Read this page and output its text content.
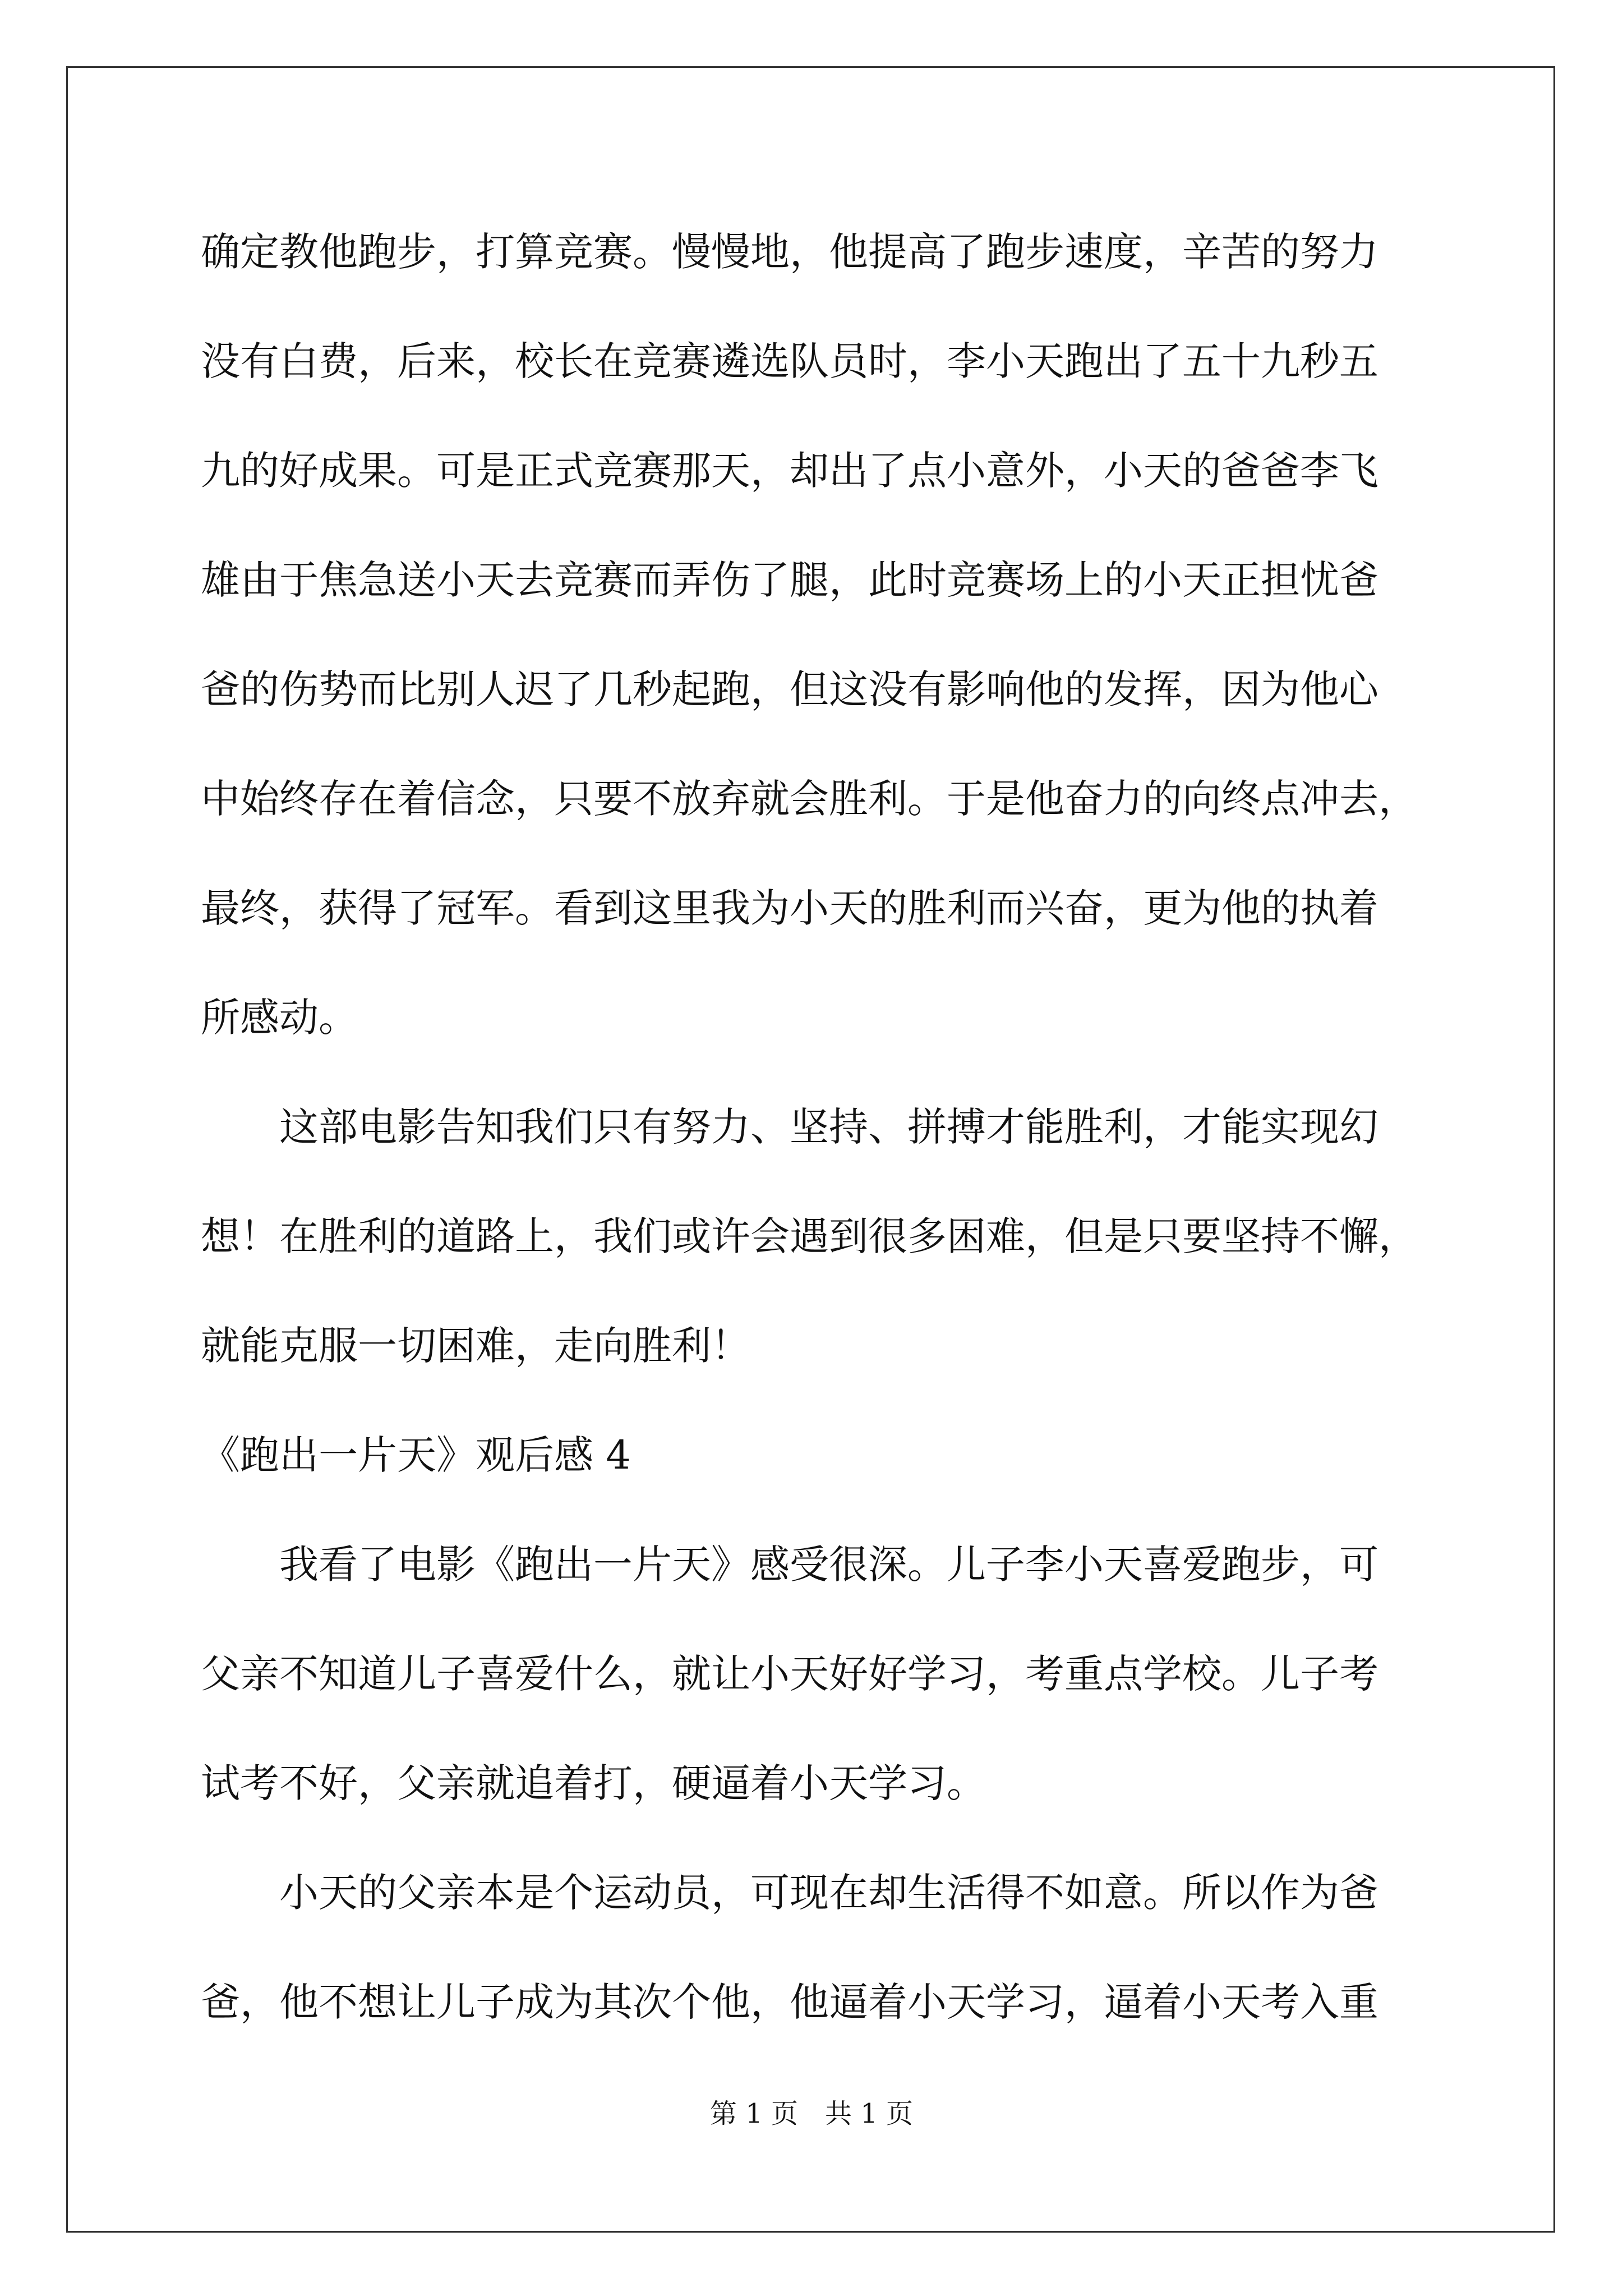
确定教他跑步，打算竞赛。慢慢地，他提高了跑步速度，辛苦的努力
没有白费，后来，校长在竞赛遴选队员时，李小天跑出了五十九秒五
九的好成果。可是正式竞赛那天，却出了点小意外，小天的爸爸李飞
雄由于焦急送小天去竞赛而弄伤了腿，此时竞赛场上的小天正担忧爸
爸的伤势而比别人迟了几秒起跑，但这没有影响他的发挥，因为他心
中始终存在着信念，只要不放弃就会胜利。于是他奋力的向终点冲去，
最终，获得了冠军。看到这里我为小天的胜利而兴奋，更为他的执着
所感动。
这部电影告知我们只有努力、坚持、拼搏才能胜利，才能实现幻
想！在胜利的道路上，我们或许会遇到很多困难，但是只要坚持不懈，
就能克服一切困难，走向胜利！
《跑出一片天》观后感 4
我看了电影《跑出一片天》感受很深。儿子李小天喜爱跑步，可
父亲不知道儿子喜爱什么，就让小天好好学习，考重点学校。儿子考
试考不好，父亲就追着打，硬逼着小天学习。
小天的父亲本是个运动员，可现在却生活得不如意。所以作为爸
爸，他不想让儿子成为其次个他，他逼着小天学习，逼着小天考入重
第 1 页　共 1 页
